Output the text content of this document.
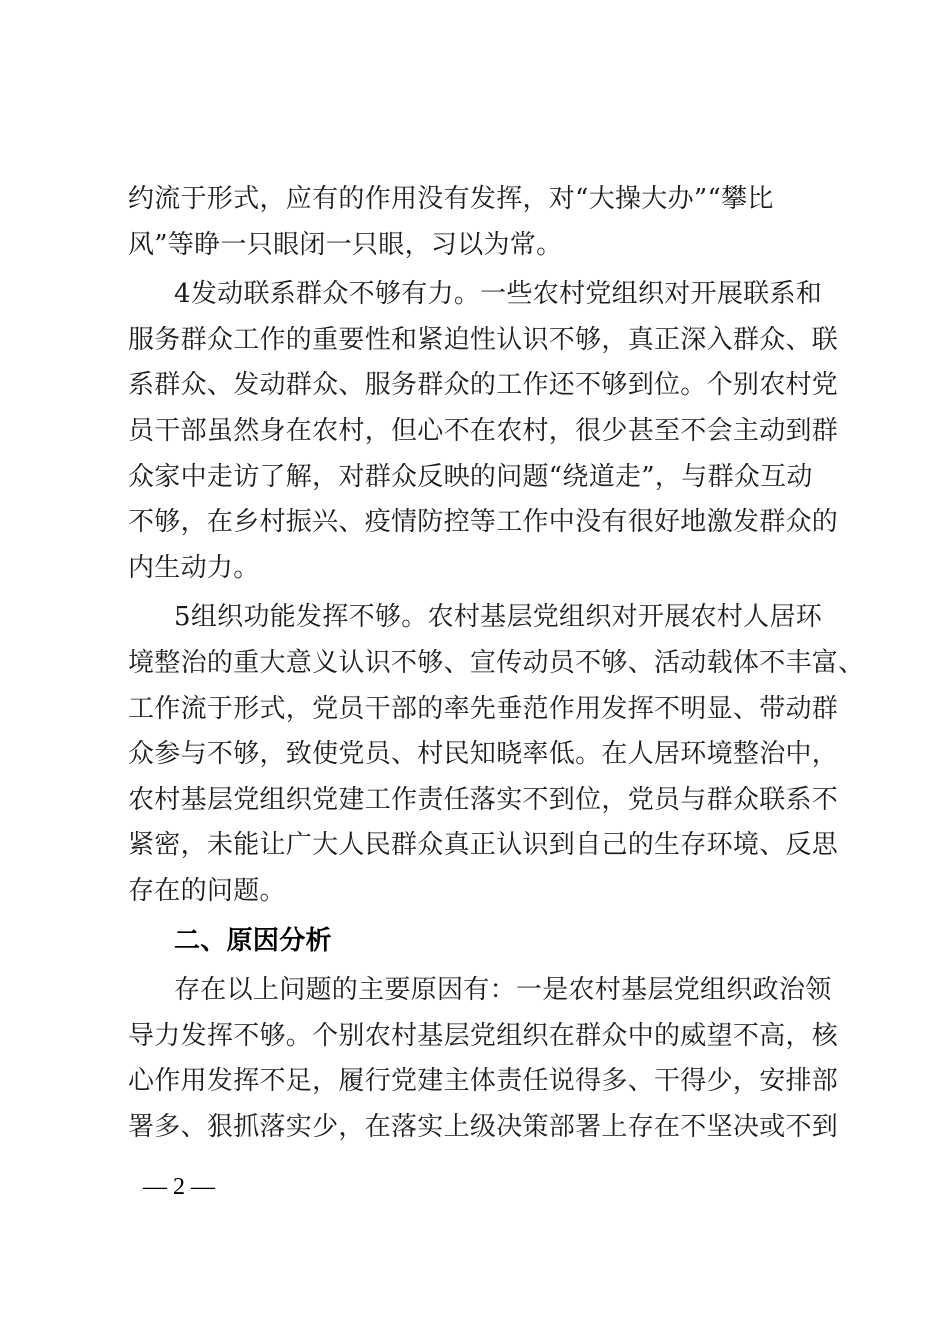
约流于形式，应有的作用没有发挥，对“大操大办”“攀比
风”等睁一只眼闭一只眼，习以为常。
4发动联系群众不够有力。一些农村党组织对开展联系和
服务群众工作的重要性和紧迫性认识不够，真正深入群众、联
系群众、发动群众、服务群众的工作还不够到位。个别农村党
员干部虽然身在农村，但心不在农村，很少甚至不会主动到群
众家中走访了解，对群众反映的问题“绕道走”，与群众互动
不够，在乡村振兴、疫情防控等工作中没有很好地激发群众的
内生动力。
5组织功能发挥不够。农村基层党组织对开展农村人居环
境整治的重大意义认识不够、宣传动员不够、活动载体不丰富、
工作流于形式，党员干部的率先垂范作用发挥不明显、带动群
众参与不够，致使党员、村民知晓率低。在人居环境整治中，
农村基层党组织党建工作责任落实不到位，党员与群众联系不
紧密，未能让广大人民群众真正认识到自己的生存环境、反思
存在的问题。
二、原因分析
存在以上问题的主要原因有：一是农村基层党组织政治领
导力发挥不够。个别农村基层党组织在群众中的威望不高，核
心作用发挥不足，履行党建主体责任说得多、干得少，安排部
署多、狠抓落实少，在落实上级决策部署上存在不坚决或不到
— 2 —
